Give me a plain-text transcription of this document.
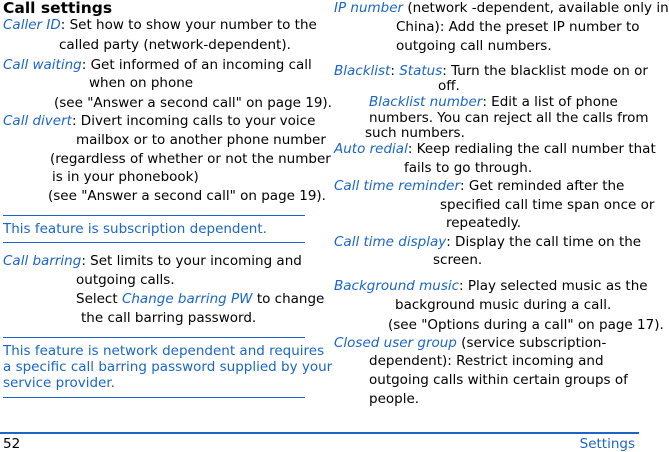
Call settings
Caller ID: Set how to show your number to the
called party (network-dependent).
Call waiting: Get informed of an incoming call
when on phone
(see "Answer a second call" on page 19).
Call divert: Divert incoming calls to your voice
mailbox or to another phone number
(regardless of whether or not the number
is in your phonebook)
(see "Answer a second call" on page 19).
This feature is subscription dependent.
Call barring: Set limits to your incoming and
outgoing calls.
Select Change barring PW to change
the call barring password.
This feature is network dependent and requires
a specific call barring password supplied by your
service provider.
IP number (network -dependent, available only in
China): Add the preset IP number to
outgoing call numbers.
Blacklist: Status: Turn the blacklist mode on or
off.
Blacklist number: Edit a list of phone
numbers. You can reject all the calls from
such numbers.
Auto redial: Keep redialing the call number that
fails to go through.
Call time reminder: Get reminded after the
specified call time span once or
repeatedly.
Call time display: Display the call time on the
screen.
Background music: Play selected music as the
background music during a call.
(see "Options during a call" on page 17).
Closed user group (service subscription-
dependent): Restrict incoming and
outgoing calls within certain groups of
people.
52	Settings
